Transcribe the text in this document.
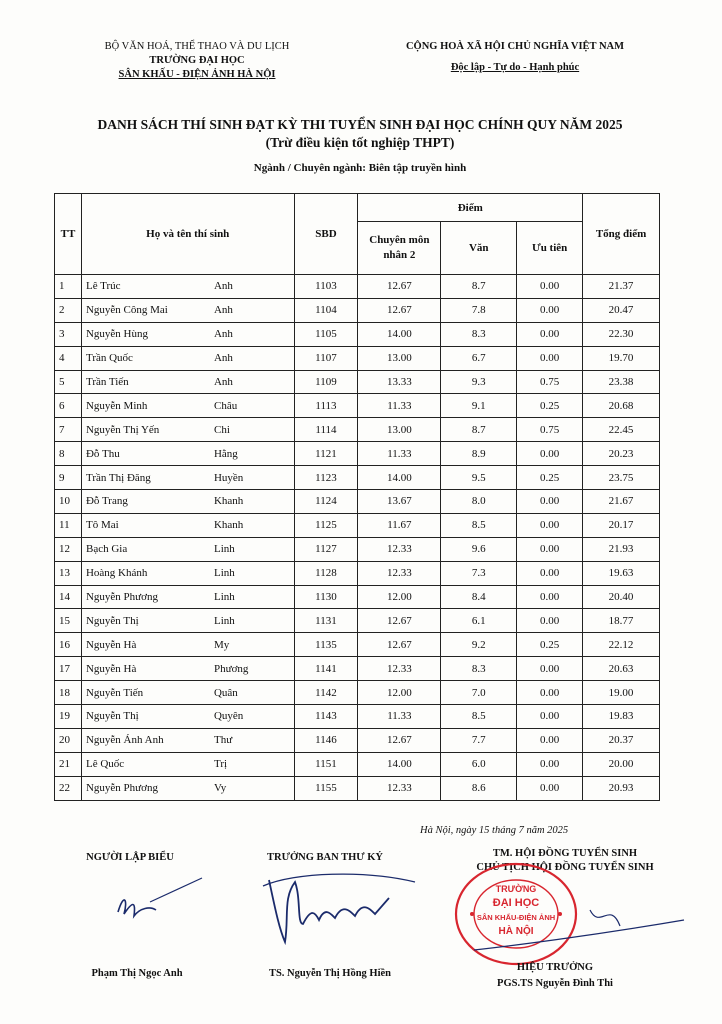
BỘ VĂN HOÁ, THỂ THAO VÀ DU LỊCH
TRƯỜNG ĐẠI HỌC
SÂN KHẤU - ĐIỆN ẢNH HÀ NỘI
CỘNG HOÀ XÃ HỘI CHỦ NGHĨA VIỆT NAM
Độc lập - Tự do - Hạnh phúc
DANH SÁCH THÍ SINH ĐẠT KỲ THI TUYỂN SINH ĐẠI HỌC CHÍNH QUY NĂM 2025
(Trừ điều kiện tốt nghiệp THPT)
Ngành / Chuyên ngành: Biên tập truyền hình
TT	Họ và tên thí sinh	SBD	Điểm			Tổng điểm
			Chuyên môn nhân 2	Văn	Ưu tiên	
1	Lê Trúc Anh	1103	12.67	8.7	0.00	21.37
2	Nguyễn Công Mai Anh	1104	12.67	7.8	0.00	20.47
3	Nguyễn Hùng Anh	1105	14.00	8.3	0.00	22.30
4	Trần Quốc Anh	1107	13.00	6.7	0.00	19.70
5	Trần Tiến Anh	1109	13.33	9.3	0.75	23.38
6	Nguyễn Minh Châu	1113	11.33	9.1	0.25	20.68
7	Nguyễn Thị Yến Chi	1114	13.00	8.7	0.75	22.45
8	Đỗ Thu Hằng	1121	11.33	8.9	0.00	20.23
9	Trần Thị Đăng Huyền	1123	14.00	9.5	0.25	23.75
10	Đỗ Trang Khanh	1124	13.67	8.0	0.00	21.67
11	Tô Mai Khanh	1125	11.67	8.5	0.00	20.17
12	Bạch Gia Linh	1127	12.33	9.6	0.00	21.93
13	Hoàng Khánh Linh	1128	12.33	7.3	0.00	19.63
14	Nguyễn Phương Linh	1130	12.00	8.4	0.00	20.40
15	Nguyễn Thị Linh	1131	12.67	6.1	0.00	18.77
16	Nguyễn Hà My	1135	12.67	9.2	0.25	22.12
17	Nguyễn Hà Phương	1141	12.33	8.3	0.00	20.63
18	Nguyễn Tiến Quân	1142	12.00	7.0	0.00	19.00
19	Nguyễn Thị Quyên	1143	11.33	8.5	0.00	19.83
20	Nguyễn Ánh Anh Thư	1146	12.67	7.7	0.00	20.37
21	Lê Quốc Trị	1151	14.00	6.0	0.00	20.00
22	Nguyễn Phương Vy	1155	12.33	8.6	0.00	20.93
Hà Nội, ngày 15 tháng 7 năm 2025
NGƯỜI LẬP BIỂU
Phạm Thị Ngọc Anh
TRƯỞNG BAN THƯ KÝ
TS. Nguyễn Thị Hồng Hiền
TM. HỘI ĐỒNG TUYỂN SINH
CHỦ TỊCH HỘI ĐỒNG TUYỂN SINH
TRƯỜNG
ĐẠI HỌC
SÂN KHẤU-ĐIỆN ẢNH
HÀ NỘI
HIỆU TRƯỞNG
PGS.TS Nguyễn Đình Thi
